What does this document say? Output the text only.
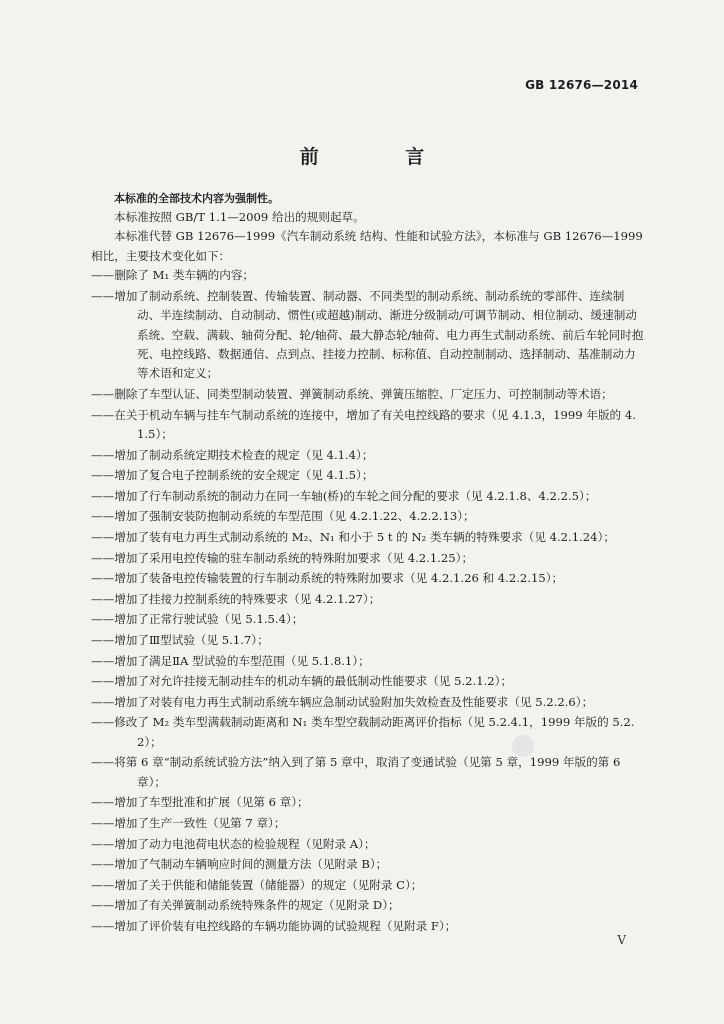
GB 12676—2014
前 言

本标准的全部技术内容为强制性。

本标准按照 GB/T 1.1—2009 给出的规则起草。

本标准代替 GB 12676—1999《汽车制动系统 结构、性能和试验方法》，本标准与 GB 12676—1999 相比，主要技术变化如下：

——删除了 M₁ 类车辆的内容；

——增加了制动系统、控制装置、传输装置、制动器、不同类型的制动系统、制动系统的零部件、连续制动、半连续制动、自动制动、惯性(或超越)制动、渐进分级制动/可调节制动、相位制动、缓速制动系统、空载、满载、轴荷分配、轮/轴荷、最大静态轮/轴荷、电力再生式制动系统、前后车轮同时抱死、电控线路、数据通信、点到点、挂接力控制、标称值、自动控制制动、选择制动、基准制动力等术语和定义；

——删除了车型认证、同类型制动装置、弹簧制动系统、弹簧压缩腔、厂定压力、可控制制动等术语；

——在关于机动车辆与挂车气制动系统的连接中，增加了有关电控线路的要求（见 4.1.3，1999 年版的 4.1.5）；

——增加了制动系统定期技术检查的规定（见 4.1.4）；

——增加了复合电子控制系统的安全规定（见 4.1.5）；

——增加了行车制动系统的制动力在同一车轴(桥)的车轮之间分配的要求（见 4.2.1.8、4.2.2.5）；

——增加了强制安装防抱制动系统的车型范围（见 4.2.1.22、4.2.2.13）；

——增加了装有电力再生式制动系统的 M₂、N₁ 和小于 5 t 的 N₂ 类车辆的特殊要求（见 4.2.1.24）；

——增加了采用电控传输的驻车制动系统的特殊附加要求（见 4.2.1.25）；

——增加了装备电控传输装置的行车制动系统的特殊附加要求（见 4.2.1.26 和 4.2.2.15）；

——增加了挂接力控制系统的特殊要求（见 4.2.1.27）；

——增加了正常行驶试验（见 5.1.5.4）；

——增加了Ⅲ型试验（见 5.1.7）；

——增加了满足ⅡA 型试验的车型范围（见 5.1.8.1）；

——增加了对允许挂接无制动挂车的机动车辆的最低制动性能要求（见 5.2.1.2）；

——增加了对装有电力再生式制动系统车辆应急制动试验附加失效检查及性能要求（见 5.2.2.6）；

——修改了 M₂ 类车型满载制动距离和 N₁ 类车型空载制动距离评价指标（见 5.2.4.1，1999 年版的 5.2.2）；

——将第 6 章“制动系统试验方法”纳入到了第 5 章中，取消了变通试验（见第 5 章，1999 年版的第 6 章）；

——增加了车型批准和扩展（见第 6 章）；

——增加了生产一致性（见第 7 章）；

——增加了动力电池荷电状态的检验规程（见附录 A）；

——增加了气制动车辆响应时间的测量方法（见附录 B）；

——增加了关于供能和储能装置（储能器）的规定（见附录 C）；

——增加了有关弹簧制动系统特殊条件的规定（见附录 D）；

——增加了评价装有电控线路的车辆功能协调的试验规程（见附录 F）；

V
